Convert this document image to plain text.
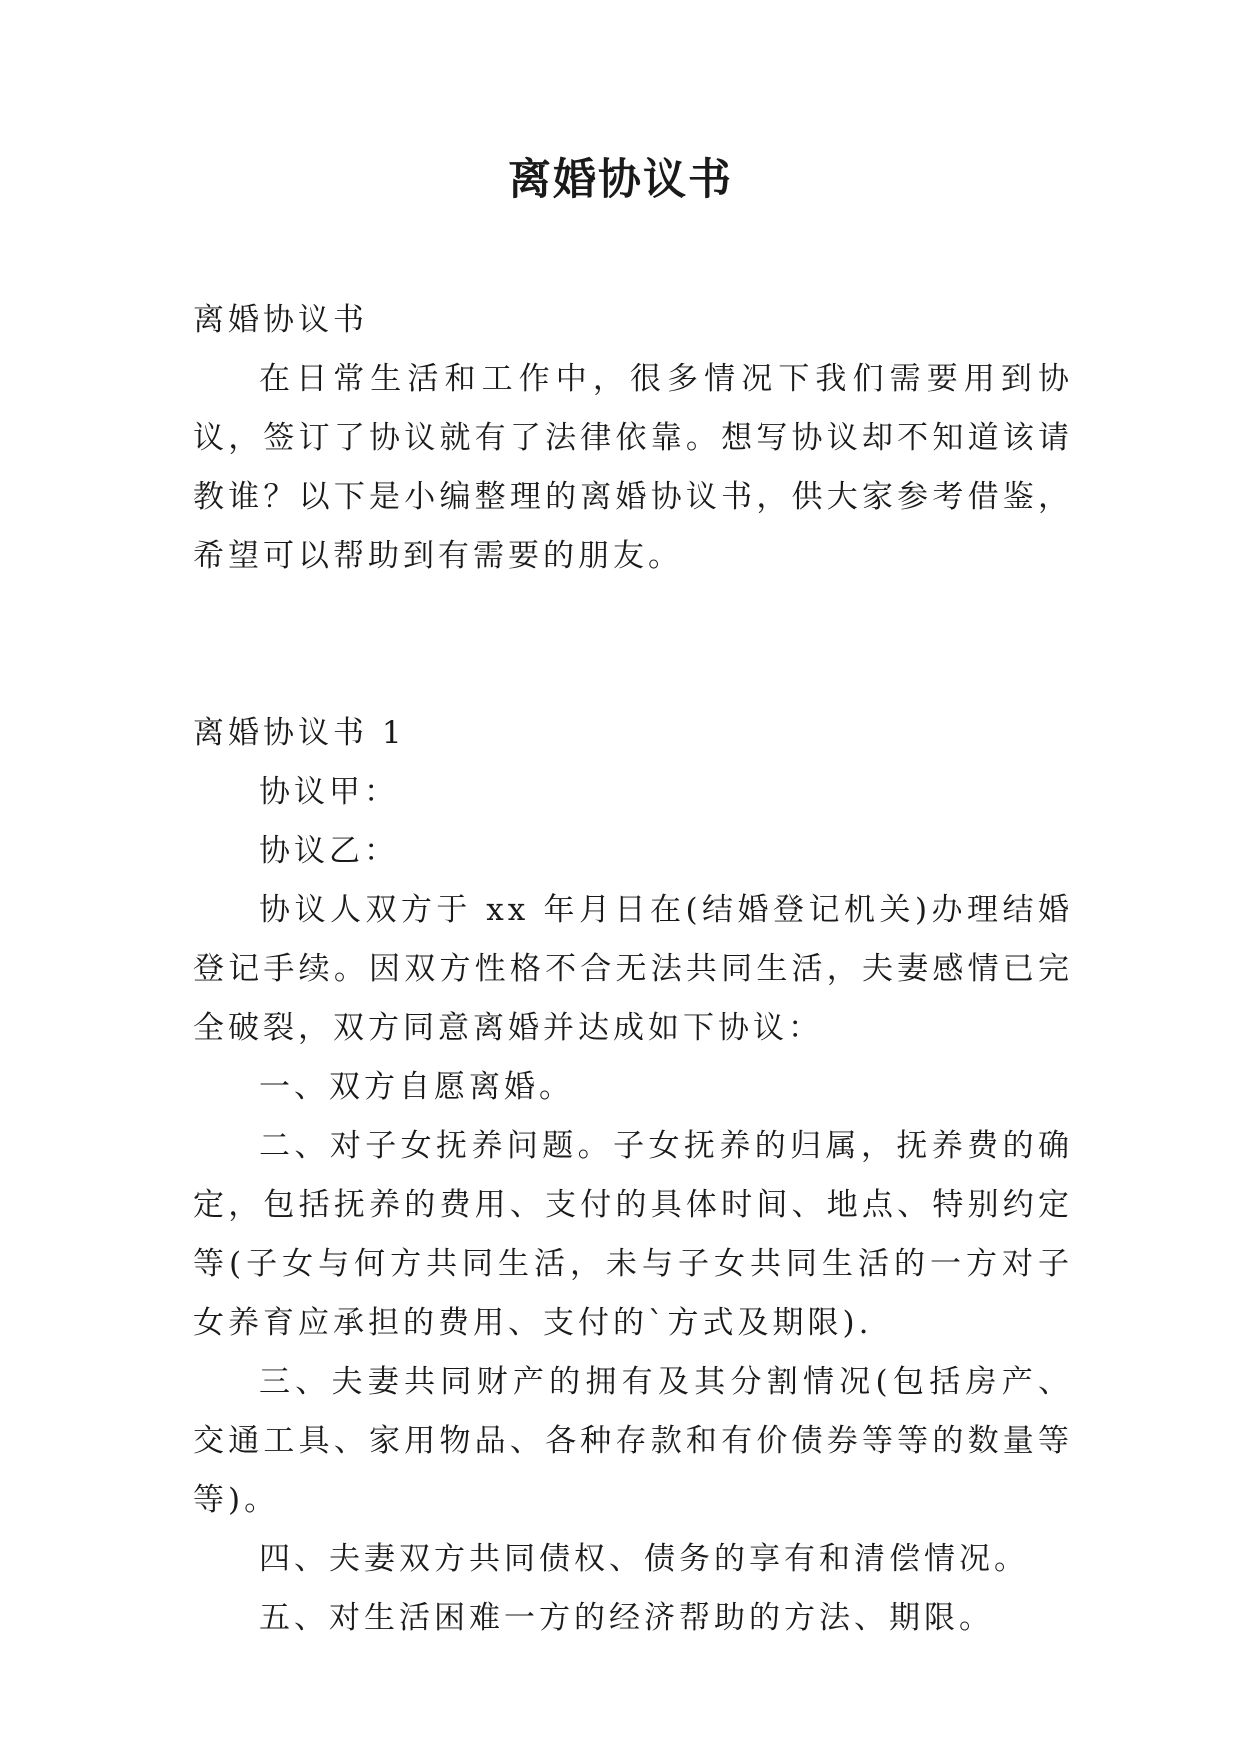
离婚协议书

离婚协议书

在日常生活和工作中，很多情况下我们需要用到协议，签订了协议就有了法律依靠。想写协议却不知道该请教谁？以下是小编整理的离婚协议书，供大家参考借鉴，希望可以帮助到有需要的朋友。

离婚协议书 1

协议甲：

协议乙：

协议人双方于 xx 年月日在(结婚登记机关)办理结婚登记手续。因双方性格不合无法共同生活，夫妻感情已完全破裂，双方同意离婚并达成如下协议：

一、双方自愿离婚。

二、对子女抚养问题。子女抚养的归属，抚养费的确定，包括抚养的费用、支付的具体时间、地点、特别约定等(子女与何方共同生活，未与子女共同生活的一方对子女养育应承担的费用、支付的`方式及期限).

三、夫妻共同财产的拥有及其分割情况(包括房产、交通工具、家用物品、各种存款和有价债券等等的数量等等)。

四、夫妻双方共同债权、债务的享有和清偿情况。

五、对生活困难一方的经济帮助的方法、期限。
